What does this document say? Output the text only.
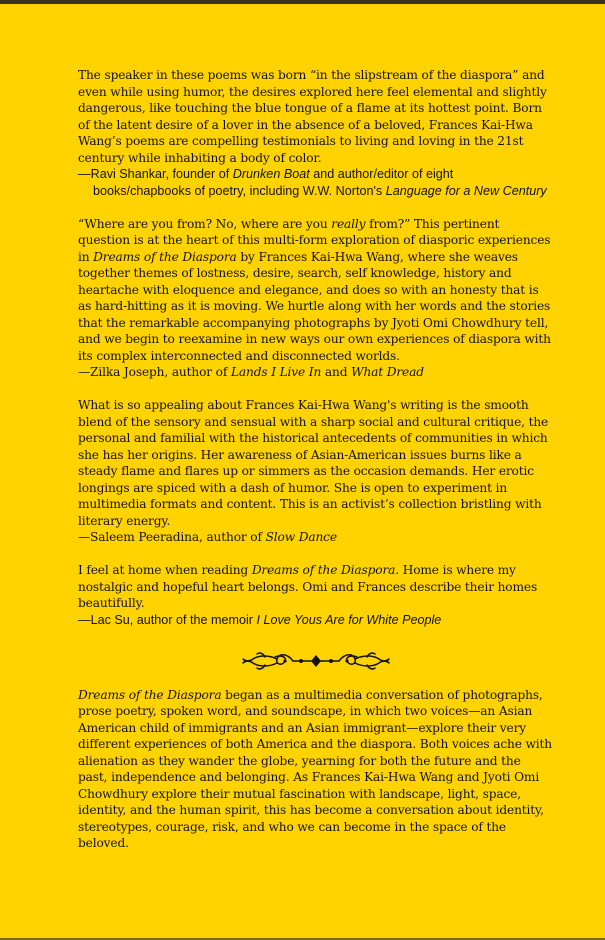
The speaker in these poems was born “in the slipstream of the diaspora” and even while using humor, the desires explored here feel elemental and slightly dangerous, like touching the blue tongue of a flame at its hottest point. Born of the latent desire of a lover in the absence of a beloved, Frances Kai-Hwa Wang’s poems are compelling testimonials to living and loving in the 21st century while inhabiting a body of color.

—Ravi Shankar, founder of Drunken Boat and author/editor of eight books/chapbooks of poetry, including W.W. Norton's Language for a New Century

“Where are you from? No, where are you really from?” This pertinent question is at the heart of this multi-form exploration of diasporic experiences in Dreams of the Diaspora by Frances Kai-Hwa Wang, where she weaves together themes of lostness, desire, search, self knowledge, history and heartache with eloquence and elegance, and does so with an honesty that is as hard-hitting as it is moving. We hurtle along with her words and the stories that the remarkable accompanying photographs by Jyoti Omi Chowdhury tell, and we begin to reexamine in new ways our own experiences of diaspora with its complex interconnected and disconnected worlds.

—Zilka Joseph, author of Lands I Live In and What Dread

What is so appealing about Frances Kai-Hwa Wang's writing is the smooth blend of the sensory and sensual with a sharp social and cultural critique, the personal and familial with the historical antecedents of communities in which she has her origins. Her awareness of Asian-American issues burns like a steady flame and flares up or simmers as the occasion demands. Her erotic longings are spiced with a dash of humor. She is open to experiment in multimedia formats and content. This is an activist’s collection bristling with literary energy.

—Saleem Peeradina, author of Slow Dance

I feel at home when reading Dreams of the Diaspora. Home is where my nostalgic and hopeful heart belongs. Omi and Frances describe their homes beautifully.

—Lac Su, author of the memoir I Love Yous Are for White People

Dreams of the Diaspora began as a multimedia conversation of photographs, prose poetry, spoken word, and soundscape, in which two voices—an Asian American child of immigrants and an Asian immigrant—explore their very different experiences of both America and the diaspora. Both voices ache with alienation as they wander the globe, yearning for both the future and the past, independence and belonging. As Frances Kai-Hwa Wang and Jyoti Omi Chowdhury explore their mutual fascination with landscape, light, space, identity, and the human spirit, this has become a conversation about identity, stereotypes, courage, risk, and who we can become in the space of the beloved.
